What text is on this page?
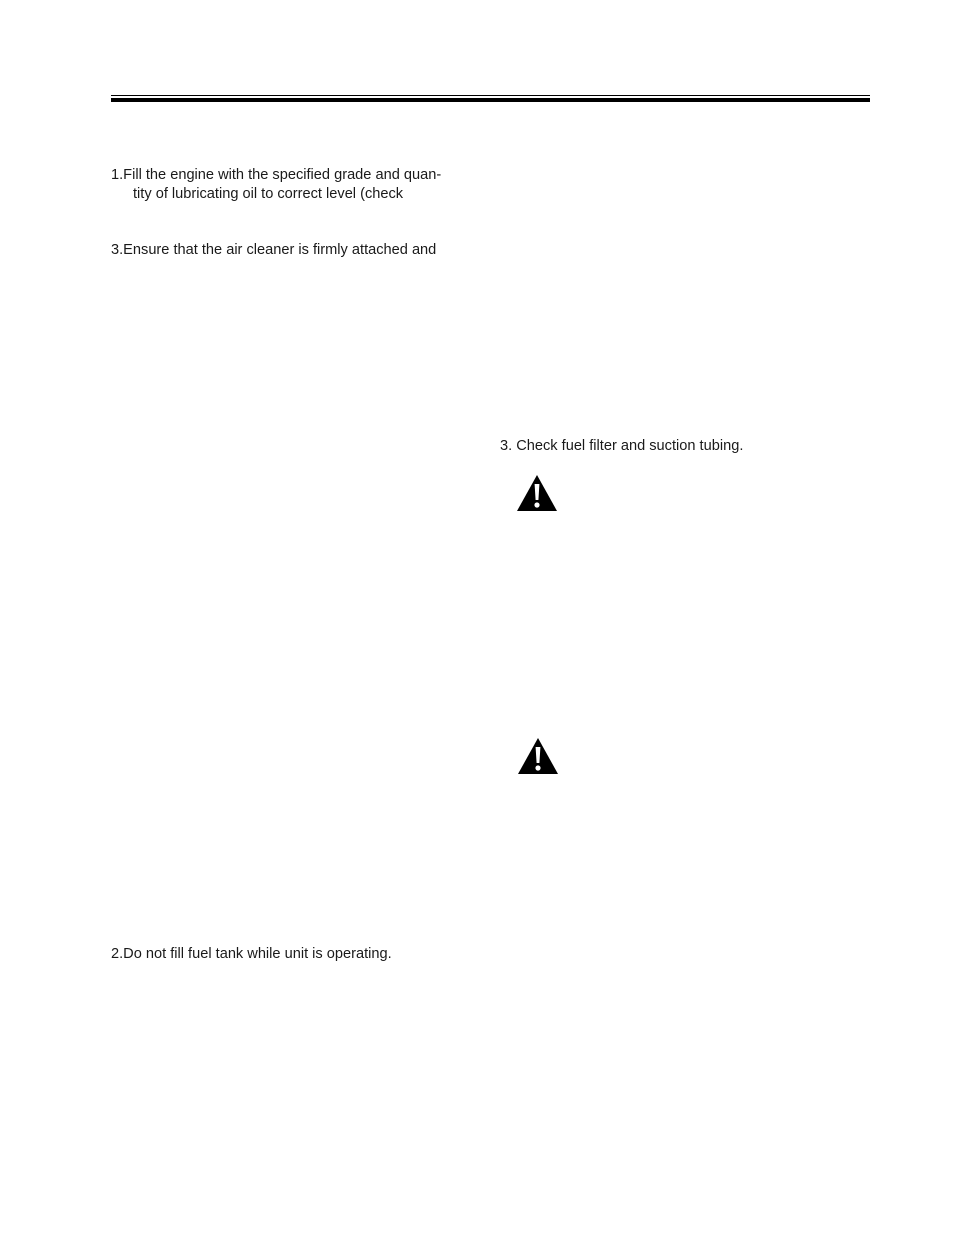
1.Fill the engine with the specified grade and quan-

tity of lubricating oil to correct level (check

3.Ensure that the air cleaner is firmly attached and

2.Do not fill fuel tank while unit is operating.

3. Check fuel filter and suction tubing.
